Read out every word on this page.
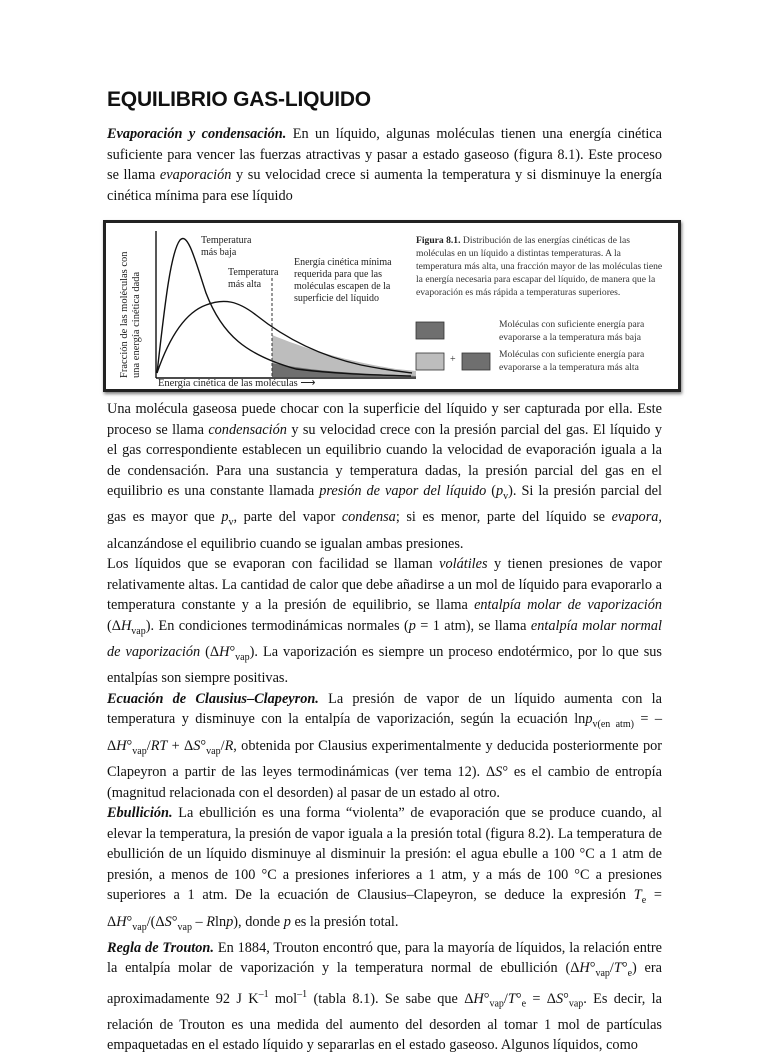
EQUILIBRIO GAS-LIQUIDO

Evaporación y condensación. En un líquido, algunas moléculas tienen una energía cinética suficiente para vencer las fuerzas atractivas y pasar a estado gaseoso (figura 8.1). Este proceso se llama evaporación y su velocidad crece si aumenta la temperatura y si disminuye la energía cinética mínima para ese líquido

Fracción de las moléculas conuna energía cinética dada
Energía cinética de las moléculas ⟶
Temperatura más baja
Temperatura más alta
Energía cinética mínima requerida para que las moléculas escapen de la superficie del líquido

Figura 8.1. Distribución de las energías cinéticas de las moléculas en un líquido a distintas temperaturas. A la temperatura más alta, una fracción mayor de las moléculas tiene la energía necesaria para escapar del líquido, de manera que la evaporación es más rápida a temperaturas superiores.

Moléculas con suficiente energía para evaporarse a la temperatura más baja

+	Moléculas con suficiente energía para evaporarse a la temperatura más alta

Una molécula gaseosa puede chocar con la superficie del líquido y ser capturada por ella. Este proceso se llama condensación y su velocidad crece con la presión parcial del gas. El líquido y el gas correspondiente establecen un equilibrio cuando la velocidad de evaporación iguala a la de condensación. Para una sustancia y temperatura dadas, la presión parcial del gas en el equilibrio es una constante llamada presión de vapor del líquido $(p_v)$. Si la presión parcial del gas es mayor que $p_v$, parte del vapor condensa; si es menor, parte del líquido se evapora, alcanzándose el equilibrio cuando se igualan ambas presiones.
Los líquidos que se evaporan con facilidad se llaman volátiles y tienen presiones de vapor relativamente altas. La cantidad de calor que debe añadirse a un mol de líquido para evaporarlo a temperatura constante y a la presión de equilibrio, se llama entalpía molar de vaporización $(\Delta H_{vap})$. En condiciones termodinámicas normales (p = 1 atm), se llama entalpía molar normal de vaporización $(\Delta H^\circ_{vap})$. La vaporización es siempre un proceso endotérmico, por lo que sus entalpías son siempre positivas.
Ecuación de Clausius–Clapeyron. La presión de vapor de un líquido aumenta con la temperatura y disminuye con la entalpía de vaporización, según la ecuación $\ln p_{v(en atm)} = -\Delta H^\circ_{vap}/RT + \Delta S^\circ_{vap}/R$, obtenida por Clausius experimentalmente y deducida posteriormente por Clapeyron a partir de las leyes termodinámicas (ver tema 12). ΔS° es el cambio de entropía (magnitud relacionada con el desorden) al pasar de un estado al otro.
Ebullición. La ebullición es una forma “violenta” de evaporación que se produce cuando, al elevar la temperatura, la presión de vapor iguala a la presión total (figura 8.2). La temperatura de ebullición de un líquido disminuye al disminuir la presión: el agua ebulle a 100 °C a 1 atm de presión, a menos de 100 °C a presiones inferiores a 1 atm, y a más de 100 °C a presiones superiores a 1 atm. De la ecuación de Clausius–Clapeyron, se deduce la expresión $T_e = \Delta H^\circ_{vap}/(\Delta S^\circ_{vap} - Rlnp)$, donde p es la presión total.
Regla de Trouton. En 1884, Trouton encontró que, para la mayoría de líquidos, la relación entre la entalpía molar de vaporización y la temperatura normal de ebullición $(\Delta H^\circ_{vap}/T^\circ_e)$ era aproximadamente 92 J $K^{-1}$ mol$^{-1}$ (tabla 8.1). Se sabe que $\Delta H^\circ_{vap}/T^\circ_e = \Delta S^\circ_{vap}$. Es decir, la relación de Trouton es una medida del aumento del desorden al tomar 1 mol de partículas empaquetadas en el estado líquido y separarlas en el estado gaseoso. Algunos líquidos, como
